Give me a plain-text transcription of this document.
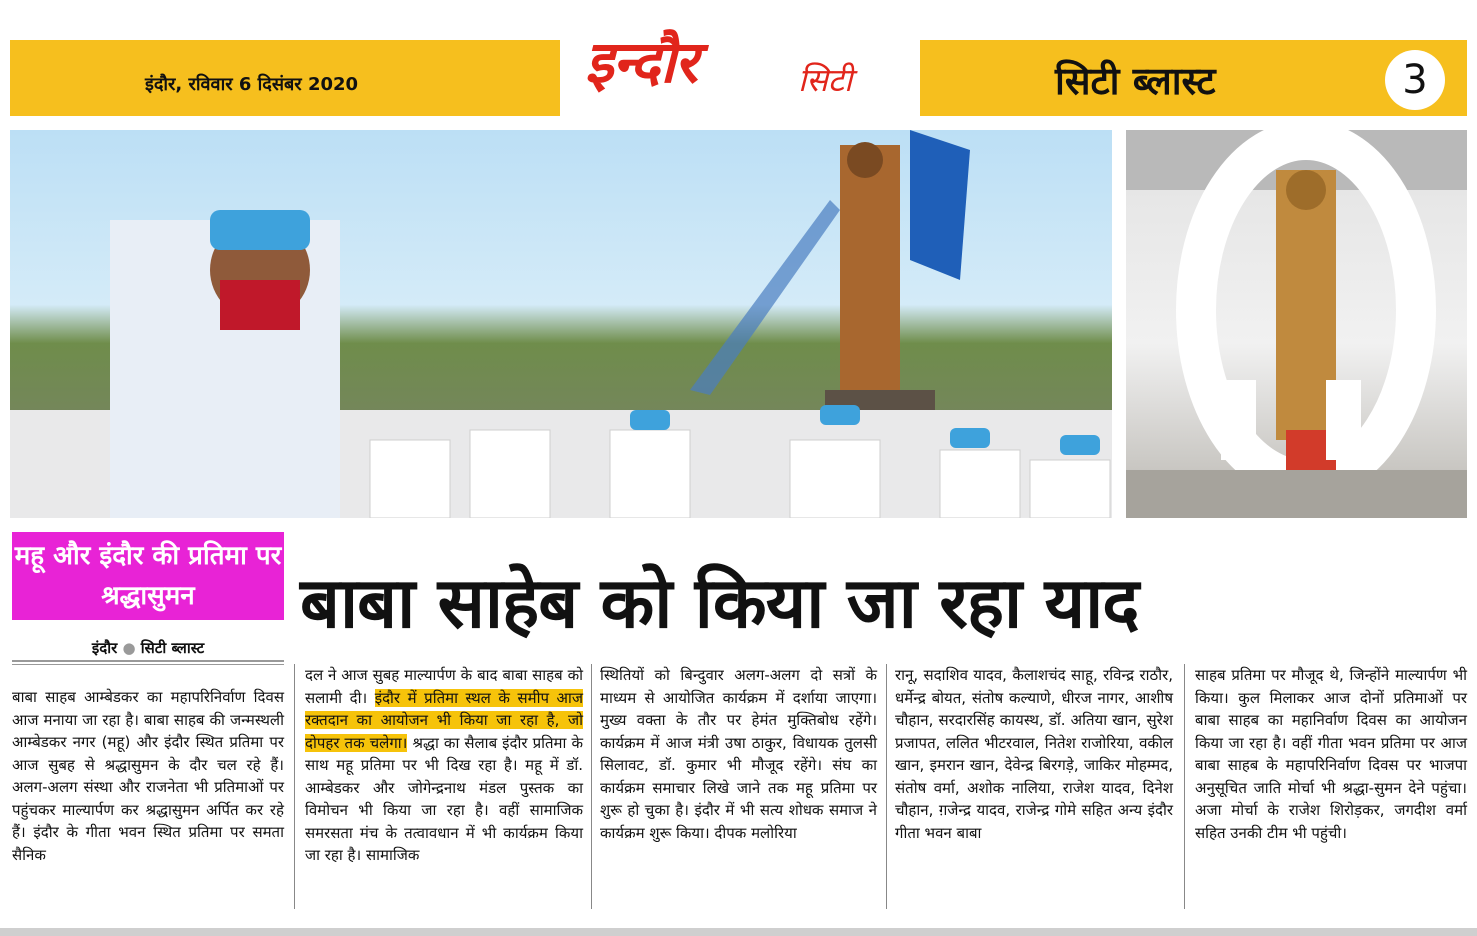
इन्दौर	सिटी
इंदौर, रविवार 6 दिसंबर 2020	सिटी ब्लास्ट	3
महू और इंदौर की प्रतिमा पर श्रद्धासुमन	बाबा साहेब को किया जा रहा याद
इंदौर ● सिटी ब्लास्ट
बाबा साहब आम्बेडकर का महापरिनिर्वाण दिवस आज मनाया जा रहा है। बाबा साहब की जन्मस्थली आम्बेडकर नगर (महू) और इंदौर स्थित प्रतिमा पर आज सुबह से श्रद्धासुमन के दौर चल रहे हैं। अलग-अलग संस्था और राजनेता भी प्रतिमाओं पर पहुंचकर माल्यार्पण कर श्रद्धासुमन अर्पित कर रहे हैं। इंदौर के गीता भवन स्थित प्रतिमा पर समता सैनिक
दल ने आज सुबह माल्यार्पण के बाद बाबा साहब को सलामी दी। इंदौर में प्रतिमा स्थल के समीप आज रक्तदान का आयोजन भी किया जा रहा है, जो दोपहर तक चलेगा। श्रद्धा का सैलाब इंदौर प्रतिमा के साथ महू प्रतिमा पर भी दिख रहा है। महू में डॉ. आम्बेडकर और जोगेन्द्रनाथ मंडल पुस्तक का विमोचन भी किया जा रहा है। वहीं सामाजिक समरसता मंच के तत्वावधान में भी कार्यक्रम किया जा रहा है। सामाजिक
स्थितियों को बिन्दुवार अलग-अलग दो सत्रों के माध्यम से आयोजित कार्यक्रम में दर्शाया जाएगा। मुख्य वक्ता के तौर पर हेमंत मुक्तिबोध रहेंगे। कार्यक्रम में आज मंत्री उषा ठाकुर, विधायक तुलसी सिलावट, डॉ. कुमार भी मौजूद रहेंगे। संघ का कार्यक्रम समाचार लिखे जाने तक महू प्रतिमा पर शुरू हो चुका है। इंदौर में भी सत्य शोधक समाज ने कार्यक्रम शुरू किया। दीपक मलोरिया
रानू, सदाशिव यादव, कैलाशचंद साहू, रविन्द्र राठौर, धर्मेन्द्र बोयत, संतोष कल्याणे, धीरज नागर, आशीष चौहान, सरदारसिंह कायस्थ, डॉ. अतिया खान, सुरेश प्रजापत, ललित भीटरवाल, नितेश राजोरिया, वकील खान, इमरान खान, देवेन्द्र बिरगड़े, जाकिर मोहम्मद, संतोष वर्मा, अशोक नालिया, राजेश यादव, दिनेश चौहान, ग़जेन्द्र यादव, राजेन्द्र गोमे सहित अन्य इंदौर गीता भवन बाबा
साहब प्रतिमा पर मौजूद थे, जिन्होंने माल्यार्पण भी किया। कुल मिलाकर आज दोनों प्रतिमाओं पर बाबा साहब का महानिर्वाण दिवस का आयोजन किया जा रहा है। वहीं गीता भवन प्रतिमा पर आज बाबा साहब के महापरिनिर्वाण दिवस पर भाजपा अनुसूचित जाति मोर्चा भी श्रद्धा-सुमन देने पहुंचा। अजा मोर्चा के राजेश शिरोड़कर, जगदीश वर्मा सहित उनकी टीम भी पहुंची।
